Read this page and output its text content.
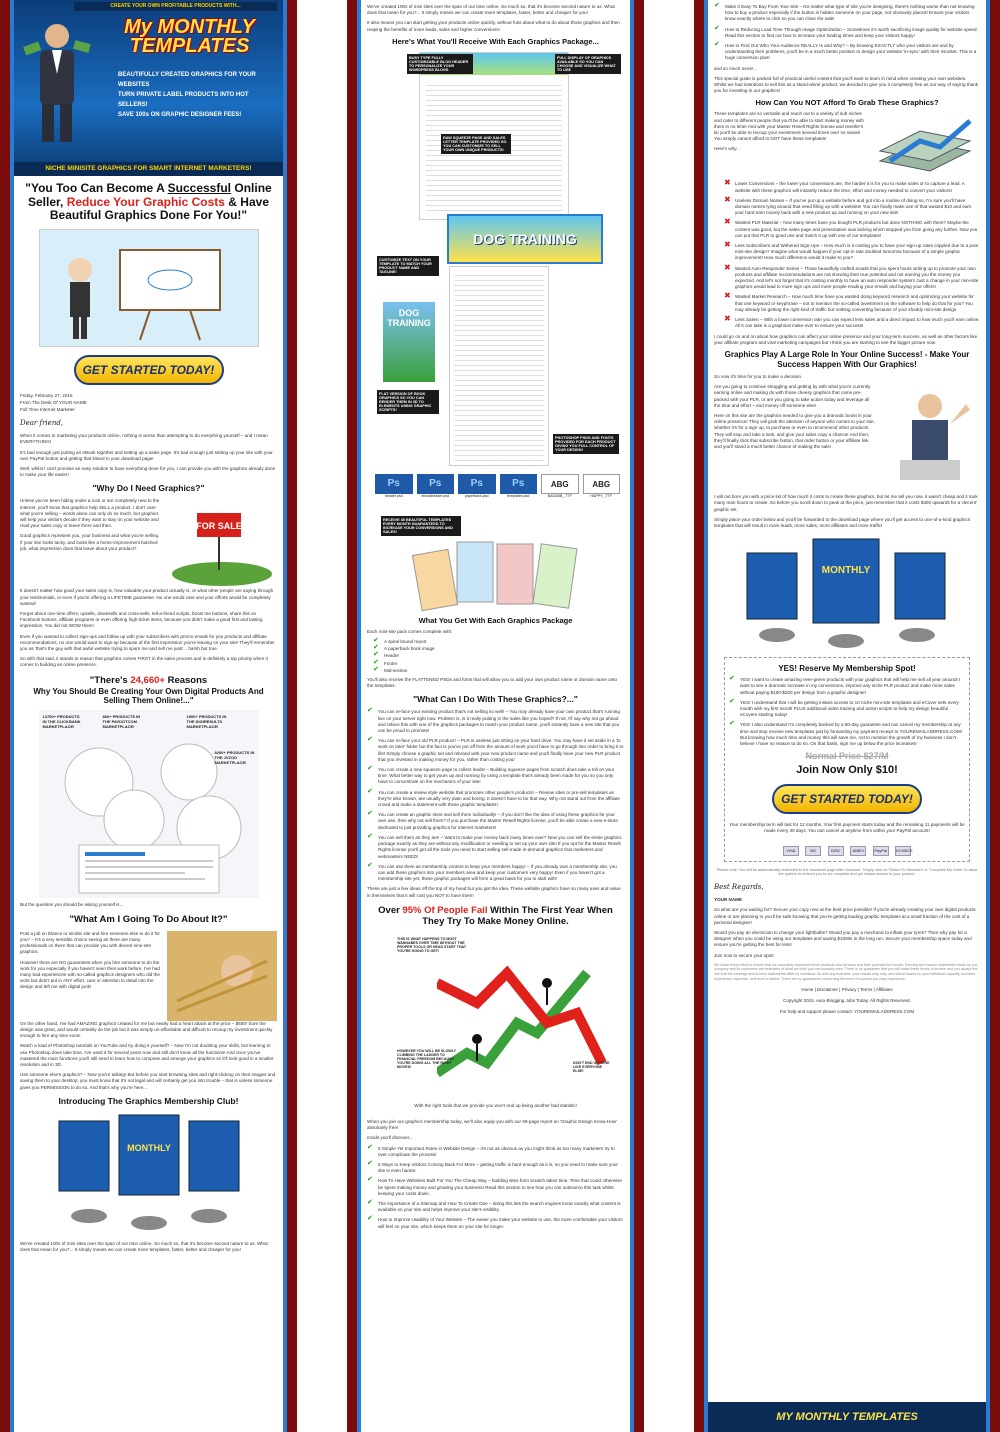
CREATE YOUR OWN PROFITABLE PRODUCTS WITH...
My MONTHLY
TEMPLATES
BEAUTIFULLY CREATED GRAPHICS FOR YOUR WEBSITES
TURN PRIVATE LABEL PRODUCTS INTO HOT SELLERS!
SAVE 100s ON GRAPHIC DESIGNER FEES!
NICHE MINISITE GRAPHICS FOR SMART INTERNET MARKETERS!
"You Too Can Become A Successful Online Seller, Reduce Your Graphic Costs & Have Beautiful Graphics Done For You!"
GET STARTED TODAY!

Friday, February 27, 2015

From The Desk Of YOUR NAME

Full Time Internet Marketer

Dear friend,

When it comes to marketing your products online, nothing is worse than attempting to do everything yourself – and I mean EVERYTHING!

It's bad enough just putting an eBook together and setting up a sales page. It's bad enough just setting up your site with your own PayPal button and getting that linked to your download page!

Well, whilst I can't promise an easy solution to have everything done for you, I can provide you with the graphics already done to make your life easier!

"Why Do I Need Graphics?"

Unless you've been hiding under a rock or are completely new to the internet, you'll know that graphics help SELL a product. I don't care what you're selling – words alone can only do so much, but graphics will help your visitors decide if they want to stay on your website and read your sales copy or leave there and then.

Good graphics represent you, your business and what you're selling. If your site looks tacky, and looks like a home-improvement botched job, what impression does that leave about your product?

FOR SALE

It doesn't matter how good your sales copy is, how valuable your product actually is, or what other people are saying through your testimonials, or even if you're offering a LIFETIME guarantee. No one would care and your efforts would be completely wasted!

Forget about one-time offers, upsells, downsells and cross-sells, tell-a-friend scripts, boost me buttons, share this on Facebook buttons, affiliate programs or even offering high-ticket items, because you didn't make a good first and lasting impression. You did not WOW them!

Even if you wanted to collect sign-ups and follow up with your subscribers with promo emails for you products and affiliate recommendations, no one would want to sign-up because of the first impression you're leaving on your site! They'll remember you as 'that's the guy with that awful website trying to spam me and sell me junk'... harsh but true.

So with that said, it stands to reason that graphics comes FIRST in the sales process and is definitely a top priority when it comes to building an online presence.

"There's 24,660+ Reasons
Why You Should Be Creating Your Own Digital Products And Selling Them Online!..."
13700+ PRODUCTS IN THE CLICKBANK MARKETPLACE!
860+ PRODUCTS IN THE PAYDOTCOM MARKETPLACE!
1900+ PRODUCTS IN THE DIGIRESULTS MARKETPLACE!
8200+ PRODUCTS IN THE JVZOO MARKETPLACE!

But the question you should be asking yourself is...

"What Am I Going To Do About It?"

Post a job on Elance or similar site and hire someone else to do it for you? – It's a very sensible choice seeing as there are many professionals on there that can provide you with decent nine-site graphics.

However there are NO guarantees when you hire someone to do the work for you especially if you haven't seen their work before. I've had many bad experiences with so-called graphics designers who did the work but didn't put in ANY effort, care or attention to detail into the design and left me with digital junk!

On the other hand, I've had AMAZING graphics created for me but nearly had a heart attack at the price – $600! Sure the design was great, and would certainly do the job but it was simply un-affordable and difficult to recoup my investment quickly enough to hire any time soon!

Watch a load of Photoshop tutorials on YouTube and try doing it yourself? – Now I'm not doubting your skills, but learning to use Photoshop does take time. I've used it for several years now and still don't know all the functions! And once you've mastered the main functions you'll still need to learn how to compose and arrange your graphics so it'll look good in a smaller resolution and in 3D.

Use someone else's graphics? – Now you're talking! But before you start browsing sites and right-clicking on their images and saving them to your desktop, you must know that it's not legal and will certainly get you into trouble – that is unless someone gives you PERMISSION to do so. And that's why you're here...

Introducing The Graphics Membership Club!
MONTHLY

We've created 100s of mini sites over the span of our time online. So much so, that it's become second nature to us. What does that mean for you?... It simply means we can create more templates, faster, better and cheaper for you!

We've created 100s of mini sites over the span of our time online. So much so, that it's become second nature to us. What does that mean for you?... It simply means we can create more templates, faster, better and cheaper for you!

It also means you can start getting your products online quickly, without fuss about what to do about those graphics and then reaping the benefits of more leads, sales and higher conversions!

Here's What You'll Receive With Each Graphics Package...
BUSY TYPE FULLY CUSTOMIZABLE BLOG HEADER TO PERSONALIZE YOUR WORDPRESS BLOGS
FULL DISPLAY OF GRAPHICS AVAILABLE SO YOU CAN CHOOSE AND VISUALIZE WHAT TO USE
RAW SQUEEZE PAGE AND SALES LETTER TEMPLATE PROVIDED SO YOU CAN CUSTOMIZE TO SELL YOUR OWN UNIQUE PRODUCTS!
DOG TRAINING
CUSTOMIZE TEXT ON YOUR TEMPLATE TO MATCH YOUR PRODUCT NAME AND TAGLINE!
DOG TRAINING
FLAT VERSION OF BOOK GRAPHICS SO YOU CAN RENDER THEM IN 3D TO ELEMENTS USING GRAPHIC SCRIPTS!
PHOTOSHOP PSDS AND FONTS PROVIDED FOR EACH PRODUCT GIVING YOU FULL CONTROL OF YOUR DESIGN!
Ps
header.psd
Ps
ebookheader.psd
Ps
paperback.psd
Ps
templates.psd
ABG
BADABB_.TTF
ABG
HAPPY_.TTF
RECEIVE 30 BEAUTIFUL TEMPLATES EVERY MONTH GUARANTEED TO INCREASE YOUR CONVERSIONS AND SALES!
What You Get With Each Graphics Package

Each mini-site pack comes complete with:

✔ A spiral bound report
✔ A paperback book image
✔ Header
✔ Footer
✔ Mid-section

You'll also receive the FLATTENED PSDs and fonts that will allow you to add your own product name or domain name onto the templates.

"What Can I Do With These Graphics?..."
✔ You can re-face your existing product that's not selling so well! – You may already have your own product that's running live on your server right now. Problem is, is it really putting in the sales like you hoped? If not, I'll say why not go ahead and reface this with one of the graphics packages to match your product name, you'll instantly have a new site that you can be proud to promote!
✔ You can re-face your old PLR product! – PLR is useless just sitting on your hard drive. You may have it set aside in a 'to work on later' folder but the fact is you've put off from the amount of work you'd have to go through into order to bring it to life! Simply choose a graphic set and rebrand with your new product name and you'll finally have your new PLR product that you invested in making money for you, rather than costing you!
✔ You can create a new squeeze page to collect leads! – Building squeeze pages from scratch does take a toll on your time. What better way to get yours up and running by using a template that's already been made for you so you only have to concentrate on the mechanics of your site!
✔ You can create a review style website that promotes other people's products! – Review sites or pre-sell templates as they're also known, are usually very plain and boring. It doesn't have to be that way. Why not stand out from the affiliate crowd and make a statement with these graphic templates!
✔ You can create an graphic store and sell them individually! – If you don't like the idea of using these graphics for your own use, then why not sell them? If you purchase the Master Resell Rights license, you'll be able create a new e-store dedicated to just providing graphics for internet marketers!
✔ You can sell them as they are! – Want to make your money back many times over? Now you can sell the entire graphics package exactly as they are without any modification or needing to set up your own site! If you opt for the Master Resell Rights license you'll get all the tools you need to start selling sell-made in-demand graphics that marketers and webmasters NEED!
✔ You can use them as membership content to keep your members happy! – If you already own a membership site, you can add these graphics into your members area and keep your customers very happy! Even if you haven't got a membership site yet, these graphic packages will form a great basis for you to start with!

These are just a few ideas off the top of my head but you get the idea. These website graphics have so many uses and value in themselves that it will cost you NOT to have them!

Over 95% Of People Fail Within The First Year When They Try To Make Money Online.
THIS IS WHAT HAPPENS TO MOST WANNABES OVER TIME WITHOUT THE PROPER TOOLS OR HEAD START THAT YOU'RE GOING TO GET!
HOWEVER YOU WILL BE SLOWLY CLIMBING THE LADDER TO FINANCIAL FREEDOM BECAUSE YOU'RE DOING ALL THE RIGHT MOVES!
DON'T END UP HERE LIKE EVERYONE ELSE!

With the right tools that we provide you won't end up being another bad statistic!

When you join our graphics membership today, we'll also equip you with our 69-page report on 'Graphic Design Know-How' absolutely free!

Inside you'll discover...

✔ 5 Simple Yet Important Rules in Website Design – it's not as obvious as you might think as too many marketers try to over complicate the process!
✔ 5 Ways to Keep Visitors Coming Back For More – getting traffic is hard enough as it is, so you need to make sure your site is even harder.
✔ How To Have Websites Built For You The Cheap Way – building sites from scratch takes time. Time that could otherwise be spent making money and growing your business! Read this section to see how you can outsource this task whilst keeping your costs down.
✔ The Importance of a Sitemap and How To Create One – doing this lets the search engines know exactly what content is available on your site and helps improve your site's visibility.
✔ How to Improve Usability of Your Website – The easier you make your website to use, the more comfortable your visitors will feel on your site, which keeps them on your site for longer.
✔ Make it Easy To Buy From Your Site – No matter what type of site you're designing, there's nothing worse than not knowing how to buy a product especially if the button is hidden someone on your page, not obviously placed! Ensure your visitors know exactly where to click so you can close the sale!
✔ How to Reducing Load Time Through Image Optimization – Sometimes it's worth sacrificing image quality for website speed. Read this section to find out how to increase your loading times and keep your visitors happy!
✔ How to Find Out Who Your Audience REALLY Is and Why? – By knowing EXACTLY who your visitors are and by understanding their problems, you'll be in a much better position to design your website 'in-sync' with their mindset. This is a huge conversion plus!

and so much more!...

This special guide is packed full of practical useful content that you'll want to learn in mind when creating your own websites. Whilst we had intentions to sell this as a stand-alone product, we decided to give you it completely free as our way of saying thank you for investing in our graphics!

How Can You NOT Afford To Grab These Graphics?

These templates are so versatile and reach out to a variety of sub niches and cater to different people that you'll be able to start making money with them in no time! And with your Master Resell Rights license and reseller's kit you'll be able to recoup your investment several times over no sweat! You simply cannot afford to NOT have these templates!

Here's why...

✖ Lower Conversions – the lower your conversions are, the harder it is for you to make sales or to capture a lead. A website with these graphics will instantly reduce the time, effort and money needed to convert your visitors!
✖ Useless Domain Names – If you've put up a website before and got into a routine of doing so, I'm sure you'll have domain names lying around that need filling up with a website! You can finally make use of that wasted $10 and earn your hard earn money back with a new product up and running on your new site!
✖ Wasted PLR Material – how many times have you bought PLR products but done NOTHING with them? Maybe the content was good, but the sales page and presentation was lacking which stopped you from going any further. Now you can put that PLR to good use and match it up with one of our templates!
✖ Less Subscribers and Withered Sign-Ups – How much is it costing you to have your sign-up rates crippled due to a poor mini-site design? Imagine what would happen if your opt-in rate doubled tomorrow because of a simple graphic improvement! How much difference would it make to you?
✖ Wasted Auto-Responder Series – Those beautifully crafted emails that you spent hours writing up to promote your own products and affiliate recommendations are not showing their true potential and not earning you the money you expected. And let's not forget that it's costing monthly to have an auto responder system! Just a change in your mini-site graphics would lead to more sign ups and more people reading your emails and buying your offers!
✖ Wasted Market Research – How much time have you wasted doing keyword research and optimizing your website for that one keyword or keyphrase – not to mention the so-called investment on the software to help do that for you? You may already be getting the right kind of traffic but nothing converting because of your shoddy mini-site design.
✖ Less Sales! – With a lower conversion rate you can expect less sales and a direct impact to how much you'll earn online. All it can take is a graphical make-over to ensure your success!

I could go on and on about how graphics can affect your online presence and your long-term success, as well as other factors like your affiliate program and viral marketing campaigns but I think you are starting to see the bigger picture now.

Graphics Play A Large Role In Your Online Success! - Make Your Success Happen With Our Graphics!

So now it's time for you to make a decision.

Are you going to continue struggling and getting by with what you're currently earning online and making do with those cheesy graphics that came pre-packed with your PLR, or are you going to take action today and leverage all the time and effort – and money off someone else!

Here on this site are the graphics needed to give you a dramatic boost in your online presence! They will grab the attention of anyone who comes to your site, whether it's for a sign up, to purchase or even to recommend other products. They will stop and take a look, and give your sales copy a chance! And then, they'll finally click that subscribe button, that order button or your affiliate link and you'll stand a much better chance of making the sale!

I will not bore you with a price list of how much it costs to create these graphics, but let me tell you now, it wasn't cheap and it took many man hours to create. So before you scroll down to peak at the price, just remember that it costs $400 upwards for a 'decent' graphic set.

Simply place your order below and you'll be forwarded to the download page where you'll get access to one-of-a-kind graphics templates that will result in more leads, more sales, more affiliates and more traffic!

MONTHLY
YES! Reserve My Membership Spot!
✔ YES! I want to create amazing ever-green products with your graphics that will help me sell all year around! I want to see a dramatic increase in my conversions, improve any niche PLR product and make more sales without paying $100-$200 per design from a graphic designer!
✔ YES! I understand that I will be getting instant access to 10 niche mini-site templates and eCover sets every month with my first month PLUS additional video training and action scripts to help my design beautiful eCovers starting today!
✔ YES! I also understand I'm completely backed by a 60-day guarantee and can cancel my membership at any time and stop receive new templates just by forwarding my payment receipt to YOUREMAILADDRESS.COM! But knowing how much time and money this will save me, not to mention the growth of my business I don't believe I have no reason to do so. On that basis, sign me up below the price increases!
Normal Price $27/M
Join Now Only $10!
GET STARTED TODAY!

Your membership term will last for 12 months. Your first payment starts today and the remaining 11 payments will be made every 30 days. You can cancel at anytime from within your PayPal account!

VISA	MC	DISC	AMEX	PayPal ECHECK

Please note: You will be automatically redirected to the download page after checkout. Simply click on 'Return To Merchant' or 'Complete My Order' to allow the system to redirect you to our complete and get instant access to your product.

Best Regards,

YOUR NAME

So what are you waiting for? Secure your copy now at the best price possible! If you're already creating your own digital products online or are planning to you'll be safe knowing that you're getting leading graphic templates at a small fraction of the cost of a personal designer!

Would you pay an electrician to change your lightbulbs? Would you pay a mechanic to inflate your tyres? Then why pay for a designer when you could be using our templates and saving $1000s in the long run. Secure your membership space today and ensure you're getting the best for less!

Join now to secure your spot!

We make every effort to ensure that we accurately represent these products and services and their potential for income. Earning and Income statements made by our company and its customers are estimates of what we think you can possibly earn. There is no guarantee that you will make these levels of income and you accept the risk that the earnings and income statements differ by individual. As with any business, your results may vary, and will be based on your individual capacity, business experience, expertise, and level of desire. There are no guarantees concerning the level of success you may experience.

Home | Disclaimer | Privacy | Terms | Affiliates
Copyright 2015, Auto-Blogging Jobs Today. All Rights Reserved.
For help and support please contact: YOUREMAILADDRESS.COM
MY MONTHLY TEMPLATES
